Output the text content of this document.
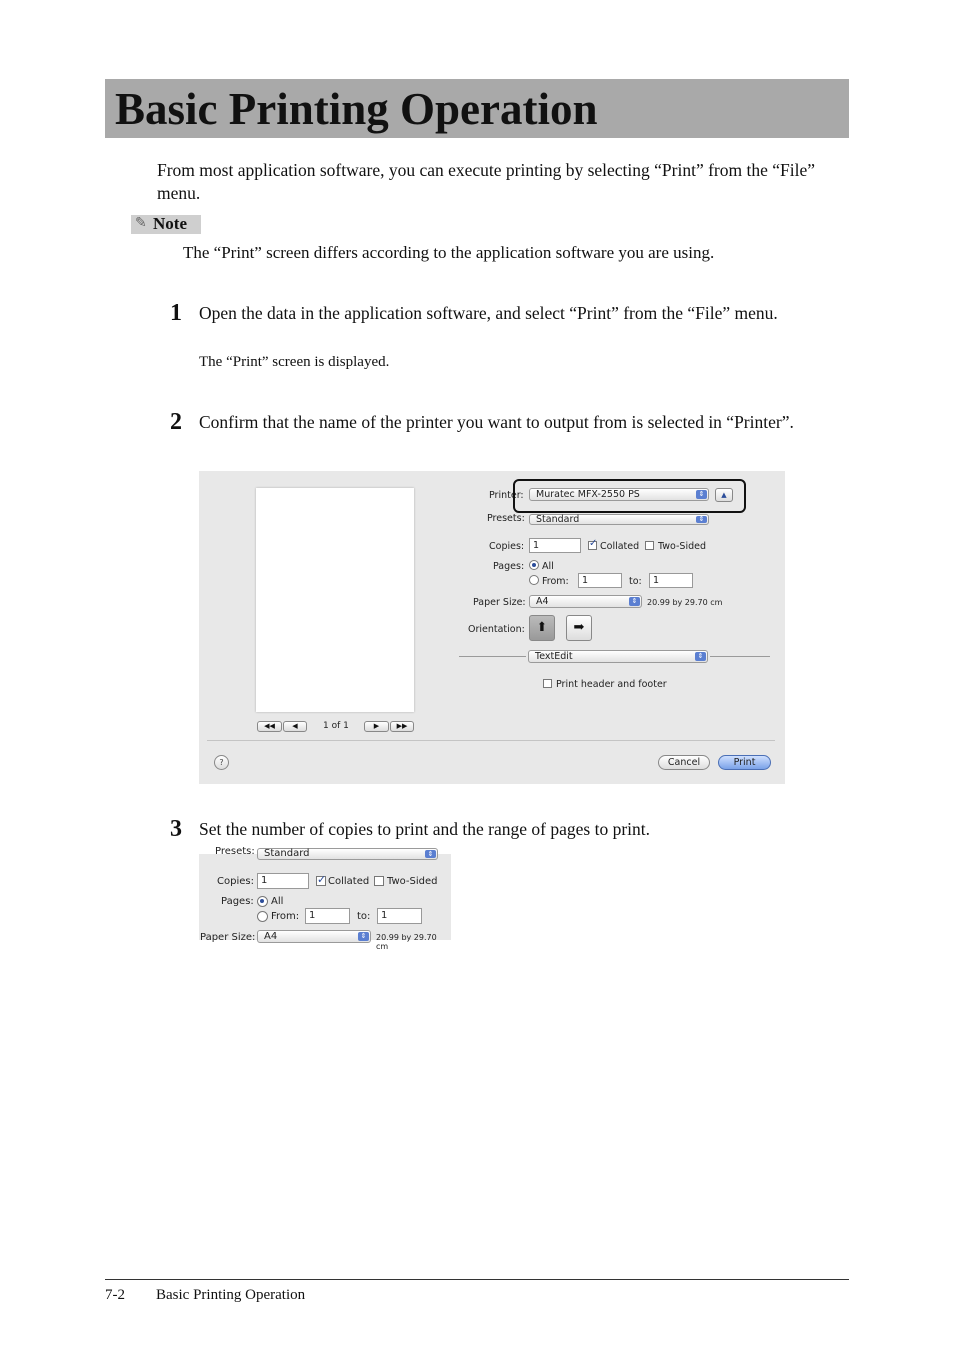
Basic Printing Operation
From most application software, you can execute printing by selecting “Print” from the “File” menu.
✎ Note
The “Print” screen differs according to the application software you are using.
1 Open the data in the application software, and select “Print” from the “File” menu.
The “Print” screen is displayed.
2 Confirm that the name of the printer you want to output from is selected in “Printer”.
Printer:	Muratec MFX-2550 PS	⇕	▲
Presets:	Standard	⇕
Copies: 1	✓ Collated Two-Sided
Pages: All
From:	1	to:	1
Paper Size:	A4	⇕	20.99 by 29.70 cm
Orientation: ⬆	➡
TextEdit	⇕
Print header and footer
◀◀	◀	1 of 1	▶	▶▶
?	Cancel	Print
3 Set the number of copies to print and the range of pages to print.
Presets: Standard	⇕
Copies: 1	✓ Collated Two-Sided
Pages: All
From: 1	to:	1
Paper Size: A4	⇕	20.99 by 29.70 cm
7-2 Basic Printing Operation
